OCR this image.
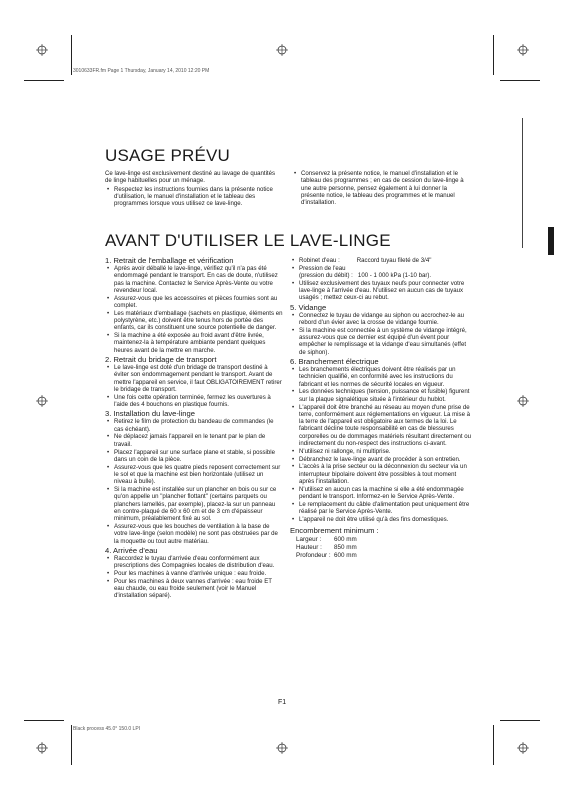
3010633FR.fm Page 1 Thursday, January 14, 2010 12:20 PM
Black process 45.0° 150.0 LPI
USAGE PRÉVU

Ce lave-linge est exclusivement destiné au lavage de quantités de linge habituelles pour un ménage.

• Respectez les instructions fournies dans la présente notice d'utilisation, le manuel d'installation et le tableau des programmes lorsque vous utilisez ce lave-linge.
• Conservez la présente notice, le manuel d'installation et le tableau des programmes ; en cas de cession du lave-linge à une autre personne, pensez également à lui donner la présente notice, le tableau des programmes et le manuel d'installation.
AVANT D'UTILISER LE LAVE-LINGE
1. Retrait de l'emballage et vérification
• Après avoir déballé le lave-linge, vérifiez qu'il n'a pas été endommagé pendant le transport. En cas de doute, n'utilisez pas la machine. Contactez le Service Après-Vente ou votre revendeur local.
• Assurez-vous que les accessoires et pièces fournies sont au complet.
• Les matériaux d'emballage (sachets en plastique, éléments en polystyrène, etc.) doivent être tenus hors de portée des enfants, car ils constituent une source potentielle de danger.
• Si la machine a été exposée au froid avant d'être livrée, maintenez-la à température ambiante pendant quelques heures avant de la mettre en marche.
2. Retrait du bridage de transport
• Le lave-linge est doté d'un bridage de transport destiné à éviter son endommagement pendant le transport. Avant de mettre l'appareil en service, il faut OBLIGATOIREMENT retirer le bridage de transport.
• Une fois cette opération terminée, fermez les ouvertures à l'aide des 4 bouchons en plastique fournis.
3. Installation du lave-linge
• Retirez le film de protection du bandeau de commandes (le cas échéant).
• Ne déplacez jamais l'appareil en le tenant par le plan de travail.
• Placez l'appareil sur une surface plane et stable, si possible dans un coin de la pièce.
• Assurez-vous que les quatre pieds reposent correctement sur le sol et que la machine est bien horizontale (utilisez un niveau à bulle).
• Si la machine est installée sur un plancher en bois ou sur ce qu'on appelle un "plancher flottant" (certains parquets ou planchers lamellés, par exemple), placez-la sur un panneau en contre-plaqué de 60 x 60 cm et de 3 cm d'épaisseur minimum, préalablement fixé au sol.
• Assurez-vous que les bouches de ventilation à la base de votre lave-linge (selon modèle) ne sont pas obstruées par de la moquette ou tout autre matériau.
4. Arrivée d'eau
• Raccordez le tuyau d'arrivée d'eau conformément aux prescriptions des Compagnies locales de distribution d'eau.
• Pour les machines à vanne d'arrivée unique : eau froide.
• Pour les machines à deux vannes d'arrivée : eau froide ET eau chaude, ou eau froide seulement (voir le Manuel d'installation séparé).
• Robinet d'eau :          Raccord tuyau fileté de 3/4"
• Pression de l'eau
(pression du débit) :   100 - 1 000 kPa (1-10 bar).
• Utilisez exclusivement des tuyaux neufs pour connecter votre lave-linge à l'arrivée d'eau. N'utilisez en aucun cas de tuyaux usagés ; mettez ceux-ci au rebut.
5. Vidange
• Connectez le tuyau de vidange au siphon ou accrochez-le au rebord d'un évier avec la crosse de vidange fournie.
• Si la machine est connectée à un système de vidange intégré, assurez-vous que ce dernier est équipé d'un évent pour empêcher le remplissage et la vidange d'eau simultanés (effet de siphon).
6. Branchement électrique
• Les branchements électriques doivent être réalisés par un technicien qualifié, en conformité avec les instructions du fabricant et les normes de sécurité locales en vigueur.
• Les données techniques (tension, puissance et fusible) figurent sur la plaque signalétique située à l'intérieur du hublot.
• L'appareil doit être branché au réseau au moyen d'une prise de terre, conformément aux réglementations en vigueur. La mise à la terre de l'appareil est obligatoire aux termes de la loi. Le fabricant décline toute responsabilité en cas de blessures corporelles ou de dommages matériels résultant directement ou indirectement du non-respect des instructions ci-avant.
• N'utilisez ni rallonge, ni multiprise.
• Débranchez le lave-linge avant de procéder à son entretien.
• L'accès à la prise secteur ou la déconnexion du secteur via un interrupteur bipolaire doivent être possibles à tout moment après l'installation.
• N'utilisez en aucun cas la machine si elle a été endommagée pendant le transport. Informez-en le Service Après-Vente.
• Le remplacement du câble d'alimentation peut uniquement être réalisé par le Service Après-Vente.
• L'appareil ne doit être utilisé qu'à des fins domestiques.
Encombrement minimum :
Largeur :	600 mm
Hauteur :	850 mm
Profondeur : 600 mm
F1
